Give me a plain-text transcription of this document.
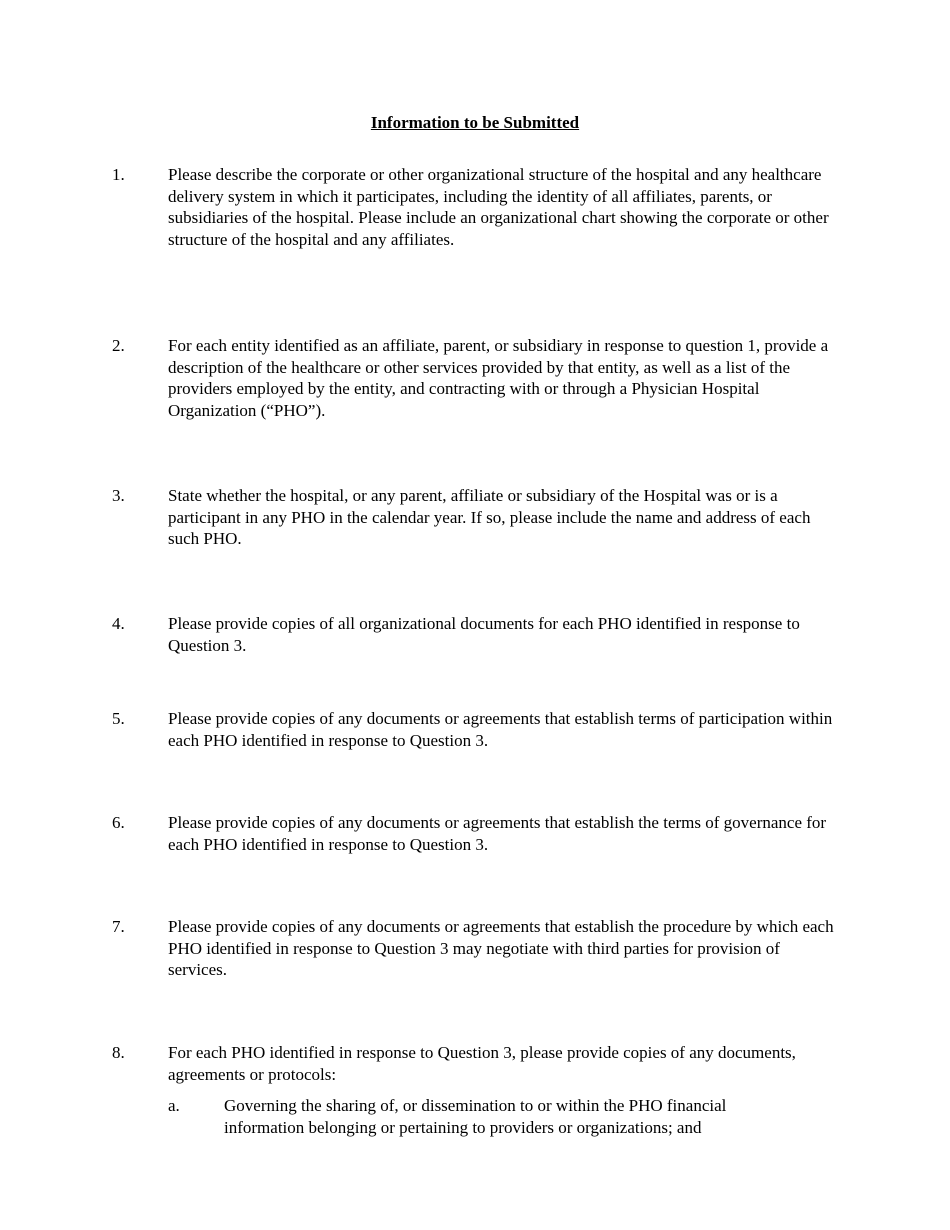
Information to be Submitted
1.	Please describe the corporate or other organizational structure of the hospital and any healthcare delivery system in which it participates, including the identity of all affiliates, parents, or subsidiaries of the hospital. Please include an organizational chart showing the corporate or other structure of the hospital and any affiliates.
2.	For each entity identified as an affiliate, parent, or subsidiary in response to question 1, provide a description of the healthcare or other services provided by that entity, as well as a list of the providers employed by the entity, and contracting with or through a Physician Hospital Organization (“PHO”).
3.	State whether the hospital, or any parent, affiliate or subsidiary of the Hospital was or is a participant in any PHO in the calendar year. If so, please include the name and address of each such PHO.
4.	Please provide copies of all organizational documents for each PHO identified in response to Question 3.
5.	Please provide copies of any documents or agreements that establish terms of participation within each PHO identified in response to Question 3.
6.	Please provide copies of any documents or agreements that establish the terms of governance for each PHO identified in response to Question 3.
7.	Please provide copies of any documents or agreements that establish the procedure by which each PHO identified in response to Question 3 may negotiate with third parties for provision of services.
8.	For each PHO identified in response to Question 3, please provide copies of any documents, agreements or protocols:
a.	Governing the sharing of, or dissemination to or within the PHO financial information belonging or pertaining to providers or organizations; and
